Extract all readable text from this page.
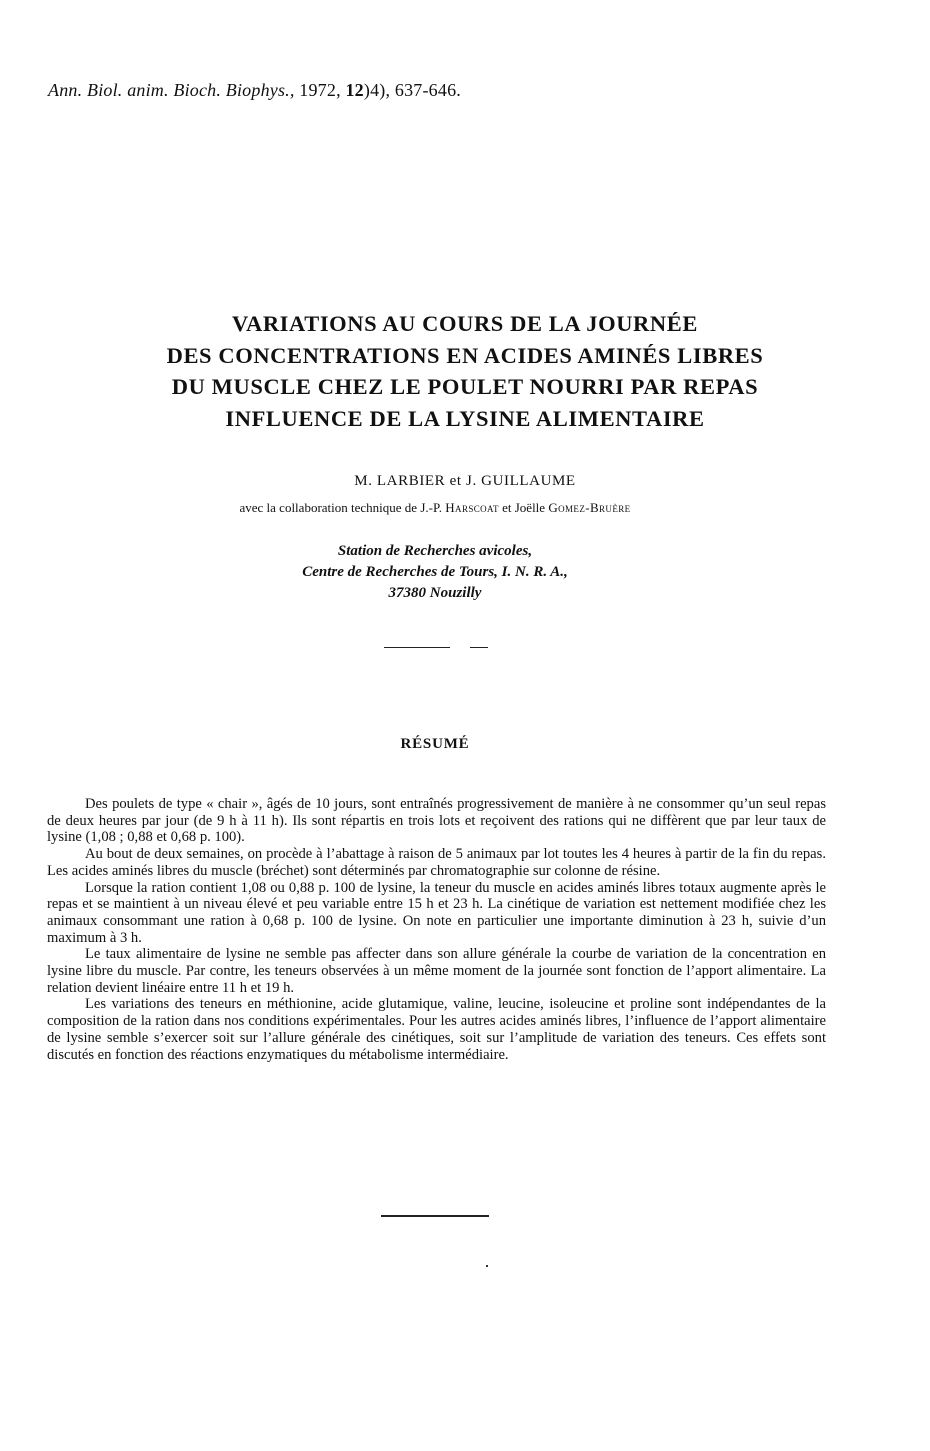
Ann. Biol. anim. Bioch. Biophys., 1972, 12)4), 637-646.
VARIATIONS AU COURS DE LA JOURNÉE
DES CONCENTRATIONS EN ACIDES AMINÉS LIBRES
DU MUSCLE CHEZ LE POULET NOURRI PAR REPAS
INFLUENCE DE LA LYSINE ALIMENTAIRE
M. LARBIER et J. GUILLAUME
avec la collaboration technique de J.-P. Harscoat et Joëlle Gomez-Bruère
Station de Recherches avicoles,
Centre de Recherches de Tours, I. N. R. A.,
37380 Nouzilly
RÉSUMÉ

Des poulets de type « chair », âgés de 10 jours, sont entraînés progressivement de manière à ne consommer qu’un seul repas de deux heures par jour (de 9 h à 11 h). Ils sont répartis en trois lots et reçoivent des rations qui ne diffèrent que par leur taux de lysine (1,08 ; 0,88 et 0,68 p. 100).

Au bout de deux semaines, on procède à l’abattage à raison de 5 animaux par lot toutes les 4 heures à partir de la fin du repas. Les acides aminés libres du muscle (bréchet) sont déterminés par chromatographie sur colonne de résine.

Lorsque la ration contient 1,08 ou 0,88 p. 100 de lysine, la teneur du muscle en acides aminés libres totaux augmente après le repas et se maintient à un niveau élevé et peu variable entre 15 h et 23 h. La cinétique de variation est nettement modifiée chez les animaux consommant une ration à 0,68 p. 100 de lysine. On note en particulier une importante diminution à 23 h, suivie d’un maximum à 3 h.

Le taux alimentaire de lysine ne semble pas affecter dans son allure générale la courbe de variation de la concentration en lysine libre du muscle. Par contre, les teneurs observées à un même moment de la journée sont fonction de l’apport alimentaire. La relation devient linéaire entre 11 h et 19 h.

Les variations des teneurs en méthionine, acide glutamique, valine, leucine, isoleucine et proline sont indépendantes de la composition de la ration dans nos conditions expérimentales. Pour les autres acides aminés libres, l’influence de l’apport alimentaire de lysine semble s’exercer soit sur l’allure générale des cinétiques, soit sur l’amplitude de variation des teneurs. Ces effets sont discutés en fonction des réactions enzymatiques du métabolisme intermédiaire.
